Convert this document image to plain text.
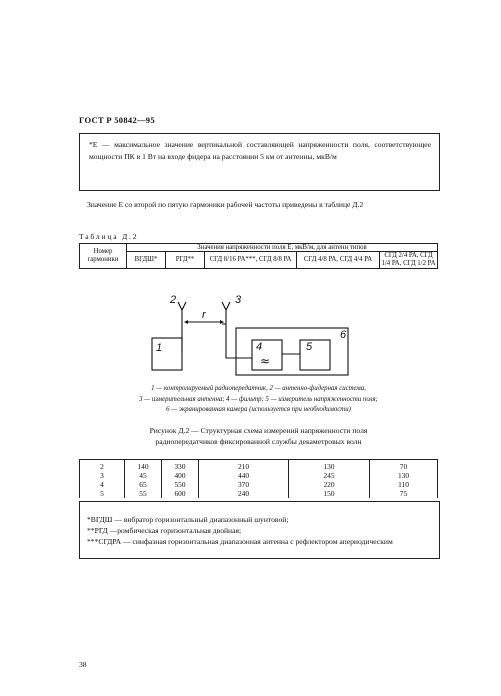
ГОСТ Р 50842—95

*Е — максимальное значение вертикальной составляющей напряженности поля, соответствующее мощности ПК в 1 Вт на входе фидера на расстоянии 5 км от антенны, мкВ/м

Значение Е со второй по пятую гармоники рабочей частоты приведены в таблице Д.2
Таблица Д.2
Номер гармоники	Значения напряженности поля Е, мкВ/м, для антенн типов				
	ВГДШ*	РГД**	СГД 8/16 РА***, СГД 8/8 РА	СГД 4/8 РА, СГД 4/4 РА	СГД 2/4 РА, СГД 1/4 РА, СГД 1/2 РА
2	3
r
1
6
4	5
≈
1 — контролируемый радиопередатчик, 2 — антенно-фидерная система,
3 — измерительная антенна; 4 — фильтр; 5 — измеритель напряженности поля;
6 — экранированная камера (используется при необходимости)
Рисунок Д.2 — Структурная схема измерений напряженности поля
радиопередатчиков фиксированной службы декаметровых волн

2	140	330	210	130	70
3	45	400	440	245	130
4	65	550	370	220	110
5	55	600	240	150	75
*ВГДШ — вибратор горизонтальный диапазонный шунтовой;
**РГД —ромбическая горизонтальная двойная;
***СГДРА — синфазная горизонтальная диапазонная антенна с рефлектором апериодическим
38
